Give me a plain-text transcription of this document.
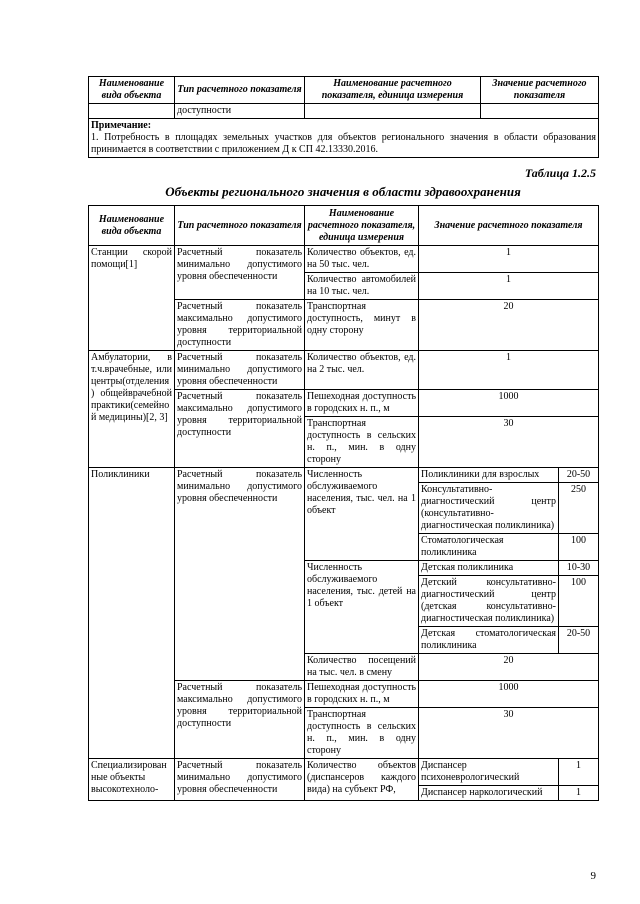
Наименование вида объекта	Тип расчетного показателя	Наименование расчетного показателя, единица измерения	Значение расчетного показателя
	доступности		
Примечание:
1. Потребность в площадях земельных участков для объектов регионального значения в области образования принимается в соответствии с приложением Д к СП 42.13330.2016.			
Таблица 1.2.5
Объекты регионального значения в области здравоохранения
Наименование вида объекта	Тип расчетного показателя	Наименование расчетного показателя, единица измерения	Значение расчетного показателя	
Станции скорой помощи[1]	Расчетный показатель минимально допустимого уровня обеспеченности	Количество объектов, ед. на 50 тыс. чел.	1	
		Количество автомобилей на 10 тыс. чел.	1	
	Расчетный показатель максимально допустимого уровня территориальной доступности	Транспортная доступность, минут в одну сторону	20	
Амбулатории, в т.ч.врачебные, или центры(отделения) общейврачебной практики(семейной медицины)[2, 3]	Расчетный показатель минимально допустимого уровня обеспеченности	Количество объектов, ед. на 2 тыс. чел.	1	
	Расчетный показатель максимально допустимого уровня территориальной доступности	Пешеходная доступность в городских н. п., м	1000	
		Транспортная доступность в сельских н. п., мин. в одну сторону	30	
Поликлиники	Расчетный показатель минимально допустимого уровня обеспеченности	Численность обслуживаемого населения, тыс. чел. на 1 объект	Поликлиники для взрослых	20-50
			Консультативно-диагностический центр (консультативно-диагностическая поликлиника)	250
			Стоматологическая поликлиника	100
		Численность обслуживаемого населения, тыс. детей на 1 объект	Детская поликлиника	10-30
			Детский консультативно-диагностический центр (детская консультативно-диагностическая поликлиника)	100
			Детская стоматологическая поликлиника	20-50
		Количество посещений на тыс. чел. в смену	20	
	Расчетный показатель максимально допустимого уровня территориальной доступности	Пешеходная доступность в городских н. п., м	1000	
		Транспортная доступность в сельских н. п., мин. в одну сторону	30	
Специализированные объекты высокотехноло-	Расчетный показатель минимально допустимого уровня обеспеченности	Количество объектов (диспансеров каждого вида) на субъект РФ,	Диспансер психоневрологический	1
			Диспансер наркологический	1
9
